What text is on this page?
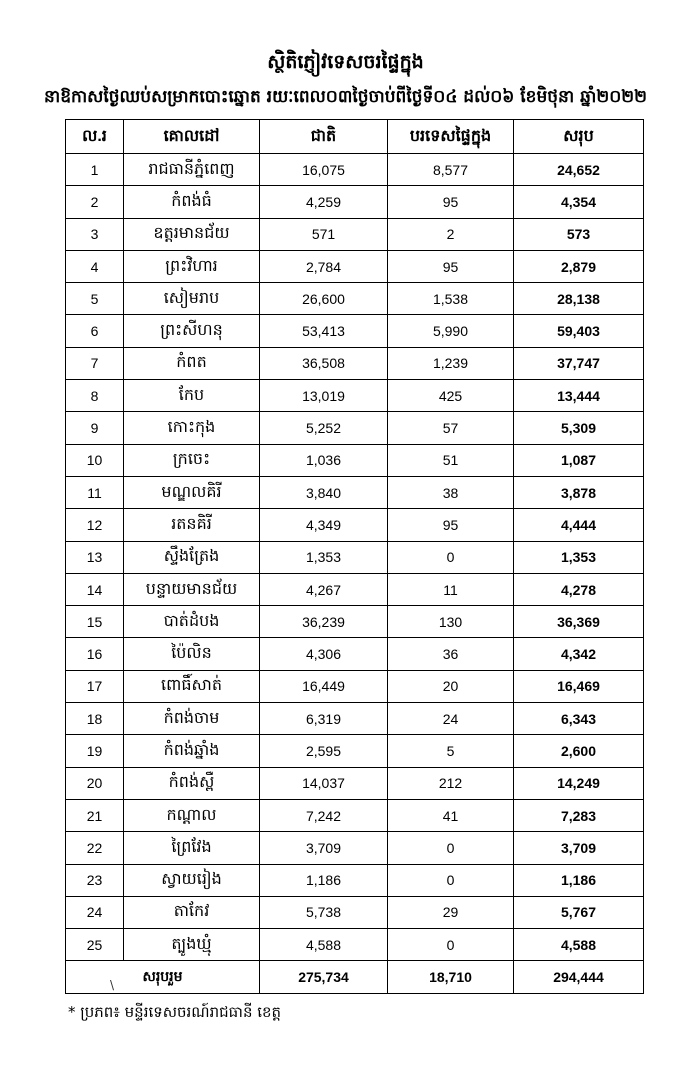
ស្ថិតិភ្ញៀវទេសចរផ្ទៃក្នុង
នាឱកាសថ្ងៃឈប់សម្រាកបោះឆ្នោត រយៈពេល០៣ថ្ងៃចាប់ពីថ្ងៃទី០៤ ដល់០៦ ខែមិថុនា ឆ្នាំ២០២២
ល.រ	គោលដៅ	ជាតិ	បរទេសផ្ទៃក្នុង	សរុប
1	រាជធានីភ្នំពេញ	16,075	8,577	24,652
2	កំពង់ធំ	4,259	95	4,354
3	ឧត្តរមានជ័យ	571	2	573
4	ព្រះវិហារ	2,784	95	2,879
5	សៀមរាប	26,600	1,538	28,138
6	ព្រះសីហនុ	53,413	5,990	59,403
7	កំពត	36,508	1,239	37,747
8	កែប	13,019	425	13,444
9	កោះកុង	5,252	57	5,309
10	ក្រចេះ	1,036	51	1,087
11	មណ្ឌលគិរី	3,840	38	3,878
12	រតនគិរី	4,349	95	4,444
13	ស្ទឹងត្រែង	1,353	0	1,353
14	បន្ទាយមានជ័យ	4,267	11	4,278
15	បាត់ដំបង	36,239	130	36,369
16	ប៉ៃលិន	4,306	36	4,342
17	ពោធិ៍សាត់	16,449	20	16,469
18	កំពង់ចាម	6,319	24	6,343
19	កំពង់ឆ្នាំង	2,595	5	2,600
20	កំពង់ស្ពឺ	14,037	212	14,249
21	កណ្តាល	7,242	41	7,283
22	ព្រៃវែង	3,709	0	3,709
23	ស្វាយរៀង	1,186	0	1,186
24	តាកែវ	5,738	29	5,767
25	ត្បូងឃ្មុំ	4,588	0	4,588
សរុបរួម		275,734	18,710	294,444
\
* ប្រភព៖ មន្ទីរទេសចរណ៍រាជធានី ខេត្ត
